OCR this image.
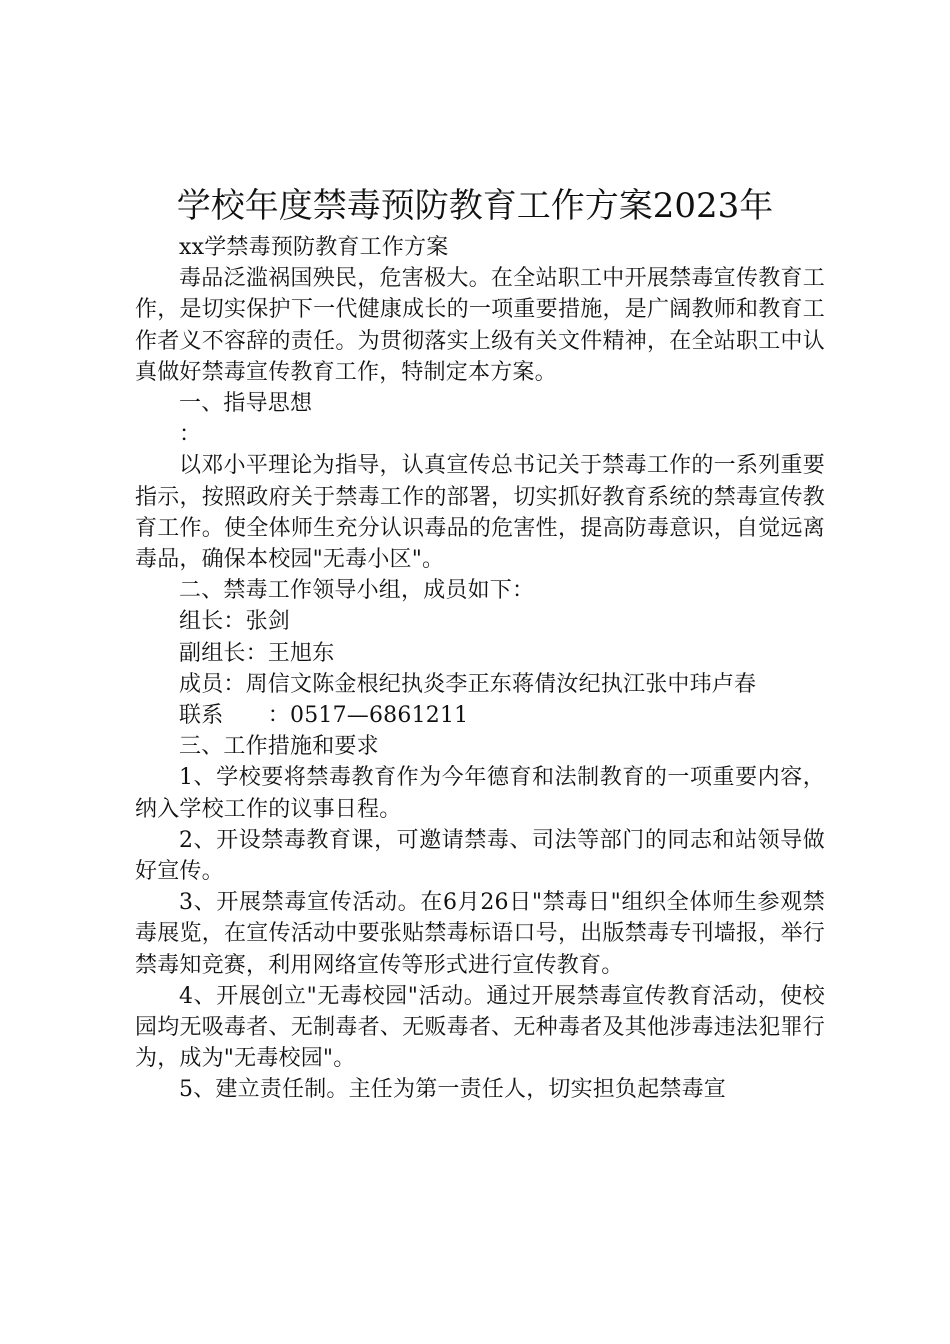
学校年度禁毒预防教育工作方案2023年

xx学禁毒预防教育工作方案

毒品泛滥祸国殃民，危害极大。在全站职工中开展禁毒宣传教育工作，是切实保护下一代健康成长的一项重要措施，是广阔教师和教育工作者义不容辞的责任。为贯彻落实上级有关文件精神，在全站职工中认真做好禁毒宣传教育工作，特制定本方案。

一、指导思想

：

以邓小平理论为指导，认真宣传总书记关于禁毒工作的一系列重要指示，按照政府关于禁毒工作的部署，切实抓好教育系统的禁毒宣传教育工作。使全体师生充分认识毒品的危害性，提高防毒意识，自觉远离毒品，确保本校园"无毒小区"。

二、禁毒工作领导小组，成员如下：

组长：张剑

副组长：王旭东

成员：周信文陈金根纪执炎李正东蒋倩汝纪执江张中玮卢春

联系　　：0517—6861211

三、工作措施和要求

1、学校要将禁毒教育作为今年德育和法制教育的一项重要内容，纳入学校工作的议事日程。

2、开设禁毒教育课，可邀请禁毒、司法等部门的同志和站领导做好宣传。

3、开展禁毒宣传活动。在6月26日"禁毒日"组织全体师生参观禁毒展览，在宣传活动中要张贴禁毒标语口号，出版禁毒专刊墙报，举行禁毒知竞赛，利用网络宣传等形式进行宣传教育。

4、开展创立"无毒校园"活动。通过开展禁毒宣传教育活动，使校园均无吸毒者、无制毒者、无贩毒者、无种毒者及其他涉毒违法犯罪行为，成为"无毒校园"。

5、建立责任制。主任为第一责任人，切实担负起禁毒宣
